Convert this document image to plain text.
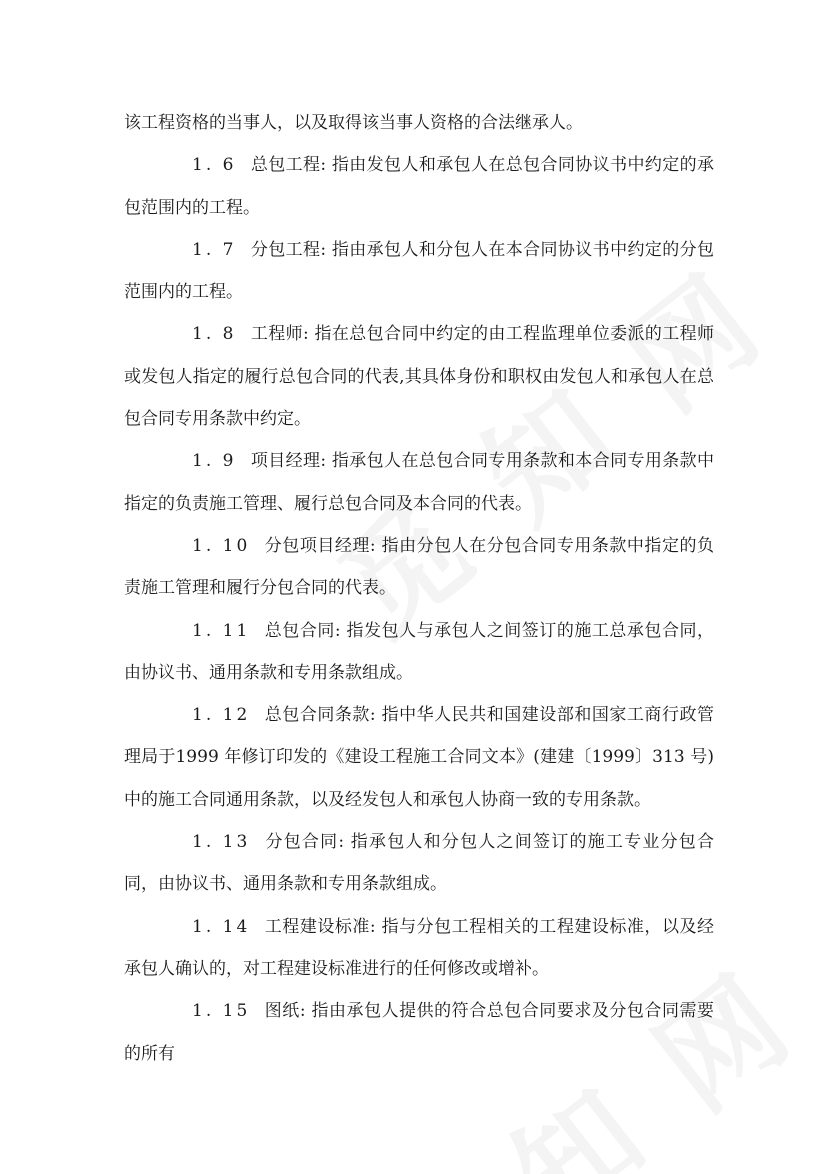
该工程资格的当事人，以及取得该当事人资格的合法继承人。

1. 6 总包工程: 指由发包人和承包人在总包合同协议书中约定的承包范围内的工程。

1. 7 分包工程: 指由承包人和分包人在本合同协议书中约定的分包范围内的工程。

1. 8 工程师: 指在总包合同中约定的由工程监理单位委派的工程师或发包人指定的履行总包合同的代表,其具体身份和职权由发包人和承包人在总包合同专用条款中约定。

1. 9 项目经理: 指承包人在总包合同专用条款和本合同专用条款中指定的负责施工管理、履行总包合同及本合同的代表。

1. 10 分包项目经理: 指由分包人在分包合同专用条款中指定的负责施工管理和履行分包合同的代表。

1. 11 总包合同: 指发包人与承包人之间签订的施工总承包合同，由协议书、通用条款和专用条款组成。

1. 12 总包合同条款: 指中华人民共和国建设部和国家工商行政管理局于1999 年修订印发的《建设工程施工合同文本》(建建〔1999〕313 号) 中的施工合同通用条款，以及经发包人和承包人协商一致的专用条款。

1. 13 分包合同: 指承包人和分包人之间签订的施工专业分包合同，由协议书、通用条款和专用条款组成。

1. 14 工程建设标准: 指与分包工程相关的工程建设标准，以及经承包人确认的，对工程建设标准进行的任何修改或增补。

1. 15 图纸: 指由承包人提供的符合总包合同要求及分包合同需要的所有
